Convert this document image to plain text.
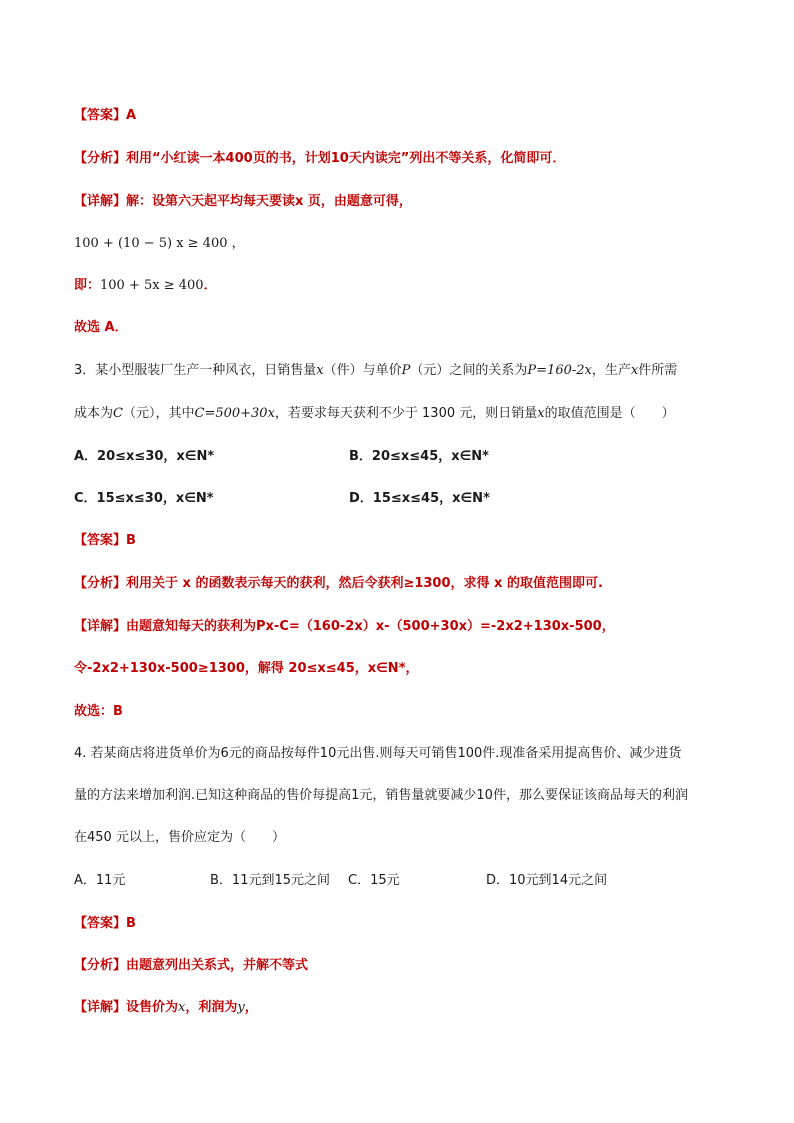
【答案】A
【分析】利用“小红读一本400页的书，计划10天内读完”列出不等关系，化简即可．
【详解】解：设第六天起平均每天要读x 页，由题意可得，
100 + (10 − 5) x ≥ 400 ，
即：100 + 5x ≥ 400．
故选 A．
3．某小型服装厂生产一种风衣，日销售量x（件）与单价P（元）之间的关系为P=160-2x，生产x件所需
成本为C（元），其中C=500+30x，若要求每天获利不少于 1300 元，则日销量x的取值范围是（　　）
A．20≤x≤30，x∈N*	B．20≤x≤45，x∈N*
C．15≤x≤30，x∈N*	D．15≤x≤45，x∈N*
【答案】B
【分析】利用关于 x 的函数表示每天的获利，然后令获利≥1300，求得 x 的取值范围即可.
【详解】由题意知每天的获利为Px-C=（160-2x）x-（500+30x）=-2x2+130x-500，
令-2x2+130x-500≥1300，解得 20≤x≤45，x∈N*，
故选：B
4. 若某商店将进货单价为6元的商品按每件10元出售.则每天可销售100件.现准备采用提高售价、减少进货
量的方法来增加利润.已知这种商品的售价每提高1元，销售量就要减少10件，那么要保证该商品每天的利润
在450 元以上，售价应定为（　　）
A．11元	B．11元到15元之间 C．15元	D．10元到14元之间
【答案】B
【分析】由题意列出关系式，并解不等式
【详解】设售价为x，利润为y，
